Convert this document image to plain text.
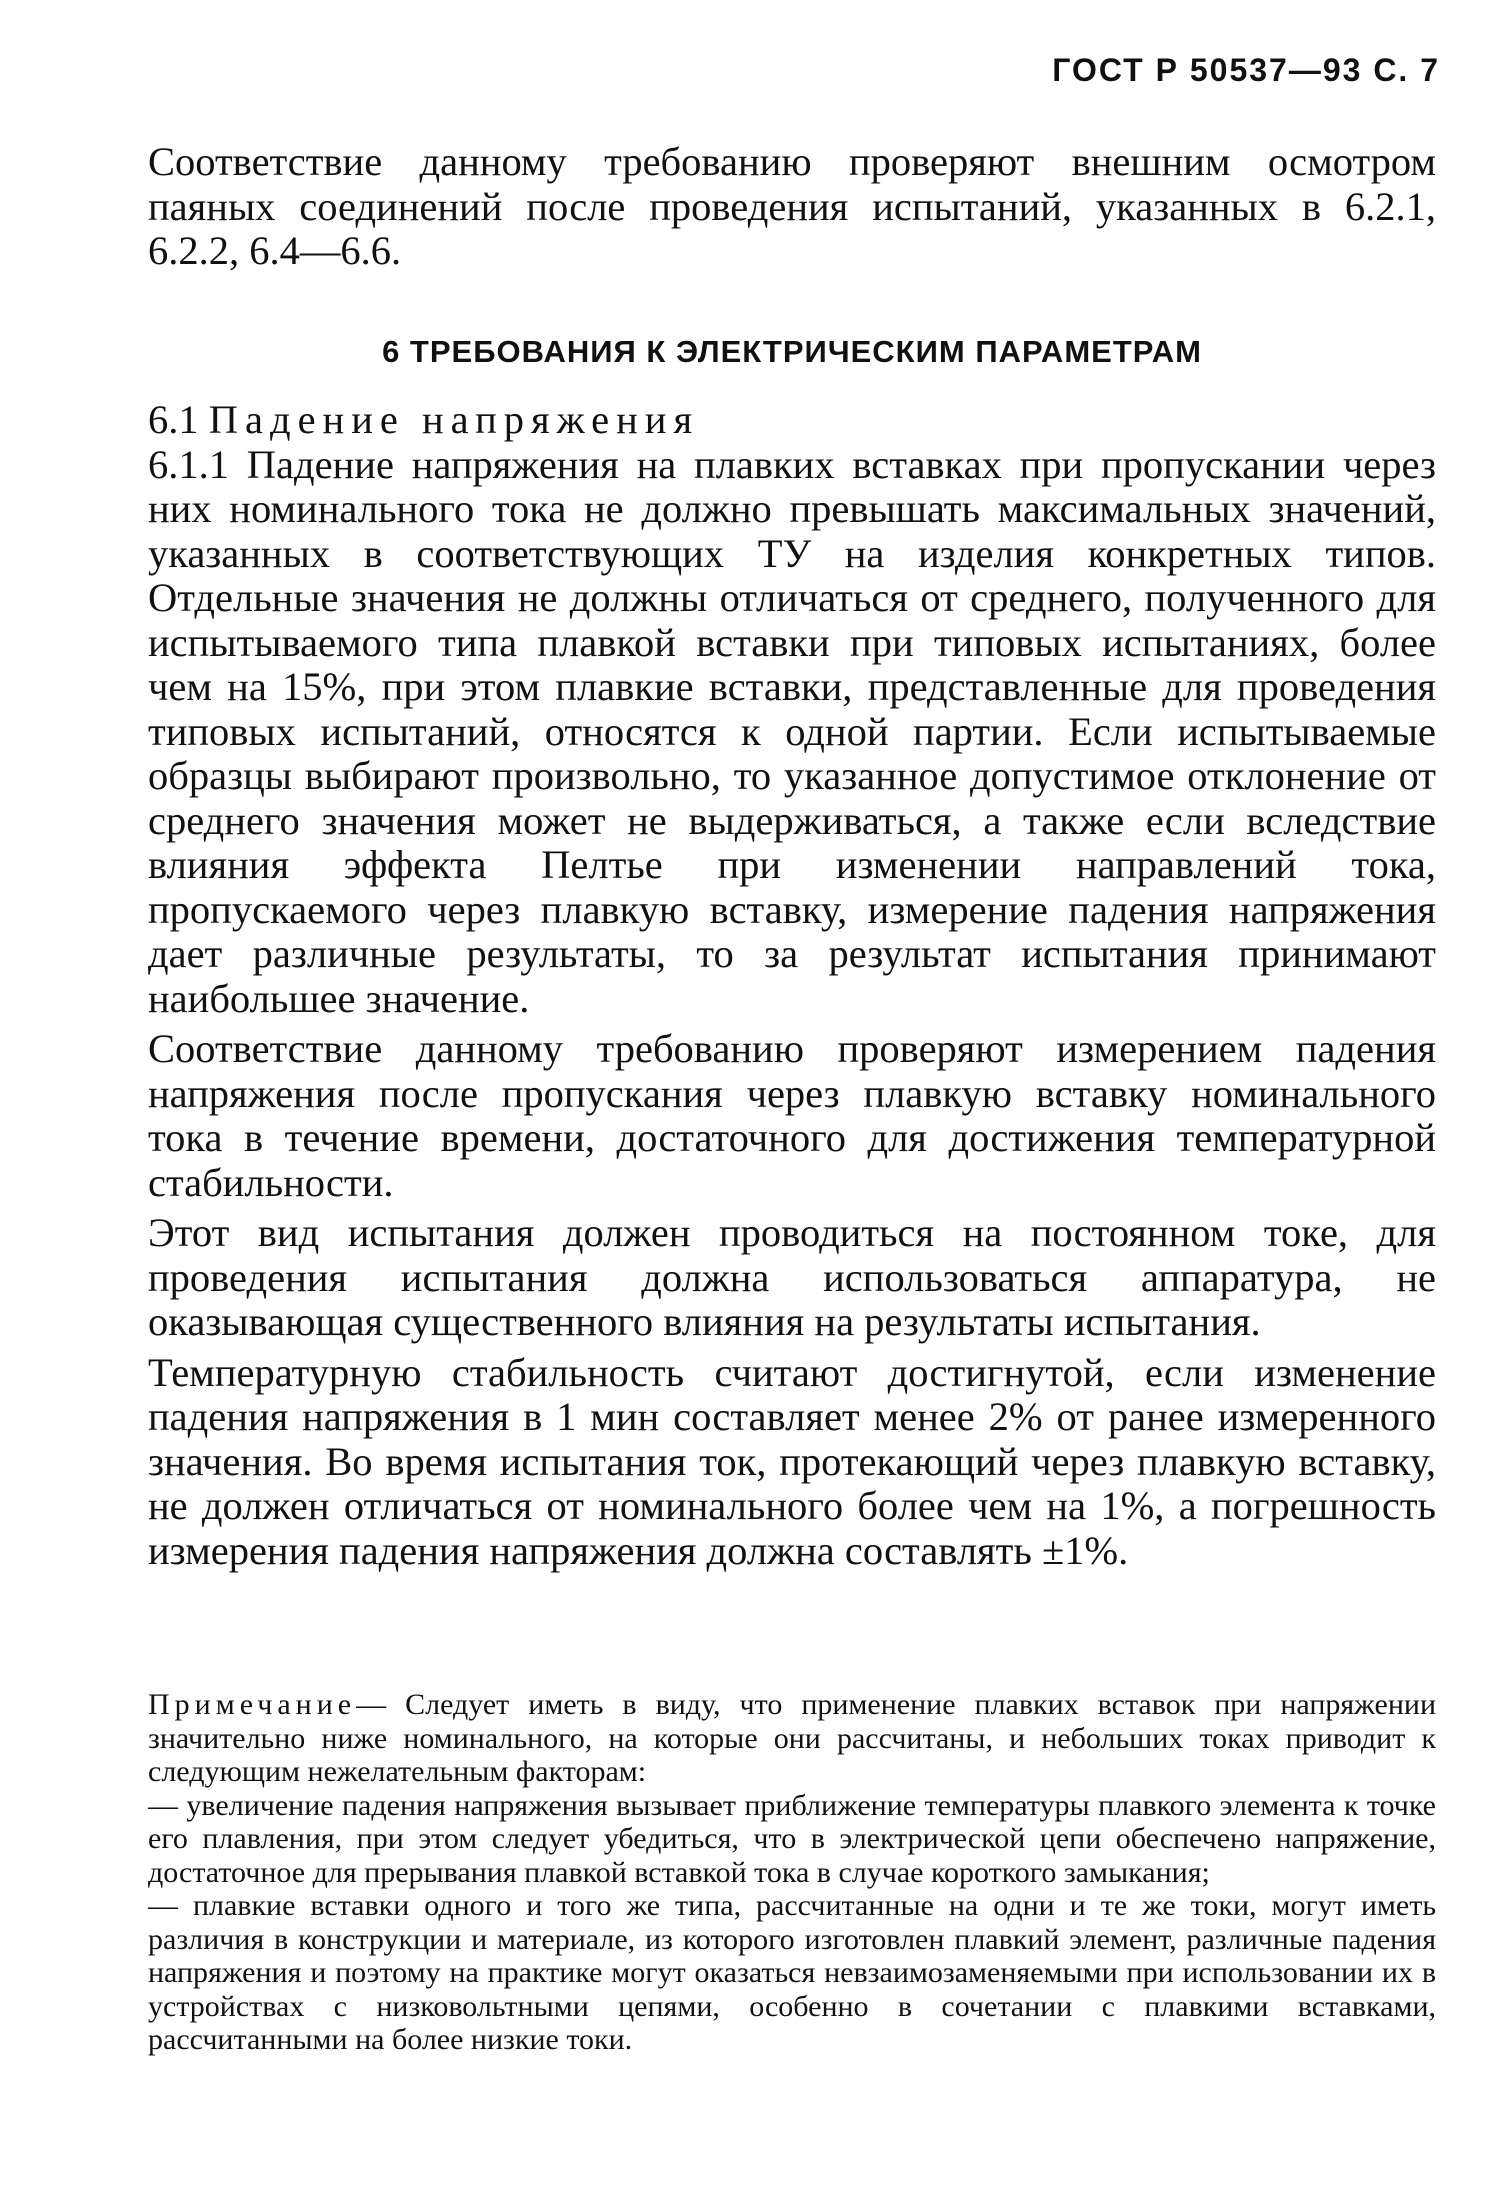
ГОСТ Р 50537—93 С. 7

Соответствие данному требованию проверяют внешним осмотром паяных соединений после проведения испытаний, указанных в 6.2.1, 6.2.2, 6.4—6.6.

6 ТРЕБОВАНИЯ К ЭЛЕКТРИЧЕСКИМ ПАРАМЕТРАМ

6.1 Падение напряжения

6.1.1 Падение напряжения на плавких вставках при пропускании через них номинального тока не должно превышать максимальных значений, указанных в соответствующих ТУ на изделия конкретных типов. Отдельные значения не должны отличаться от среднего, полученного для испытываемого типа плавкой вставки при типовых испытаниях, более чем на 15%, при этом плавкие вставки, представленные для проведения типовых испытаний, относятся к одной партии. Если испытываемые образцы выбирают произвольно, то указанное допустимое отклонение от среднего значения может не выдерживаться, а также если вследствие влияния эффекта Пелтье при изменении направлений тока, пропускаемого через плавкую вставку, измерение падения напряжения дает различные результаты, то за результат испытания принимают наибольшее значение.

Соответствие данному требованию проверяют измерением падения напряжения после пропускания через плавкую вставку номинального тока в течение времени, достаточного для достижения температурной стабильности.

Этот вид испытания должен проводиться на постоянном токе, для проведения испытания должна использоваться аппаратура, не оказывающая существенного влияния на результаты испытания.

Температурную стабильность считают достигнутой, если изменение падения напряжения в 1 мин составляет менее 2% от ранее измеренного значения. Во время испытания ток, протекающий через плавкую вставку, не должен отличаться от номинального более чем на 1%, а погрешность измерения падения напряжения должна составлять ±1%.

Примечание— Следует иметь в виду, что применение плавких вставок при напряжении значительно ниже номинального, на которые они рассчитаны, и небольших токах приводит к следующим нежелательным факторам:

— увеличение падения напряжения вызывает приближение температуры плавкого элемента к точке его плавления, при этом следует убедиться, что в электрической цепи обеспечено напряжение, достаточное для прерывания плавкой вставкой тока в случае короткого замыкания;

— плавкие вставки одного и того же типа, рассчитанные на одни и те же токи, могут иметь различия в конструкции и материале, из которого изготовлен плавкий элемент, различные падения напряжения и поэтому на практике могут оказаться невзаимозаменяемыми при использовании их в устройствах с низковольтными цепями, особенно в сочетании с плавкими вставками, рассчитанными на более низкие токи.
